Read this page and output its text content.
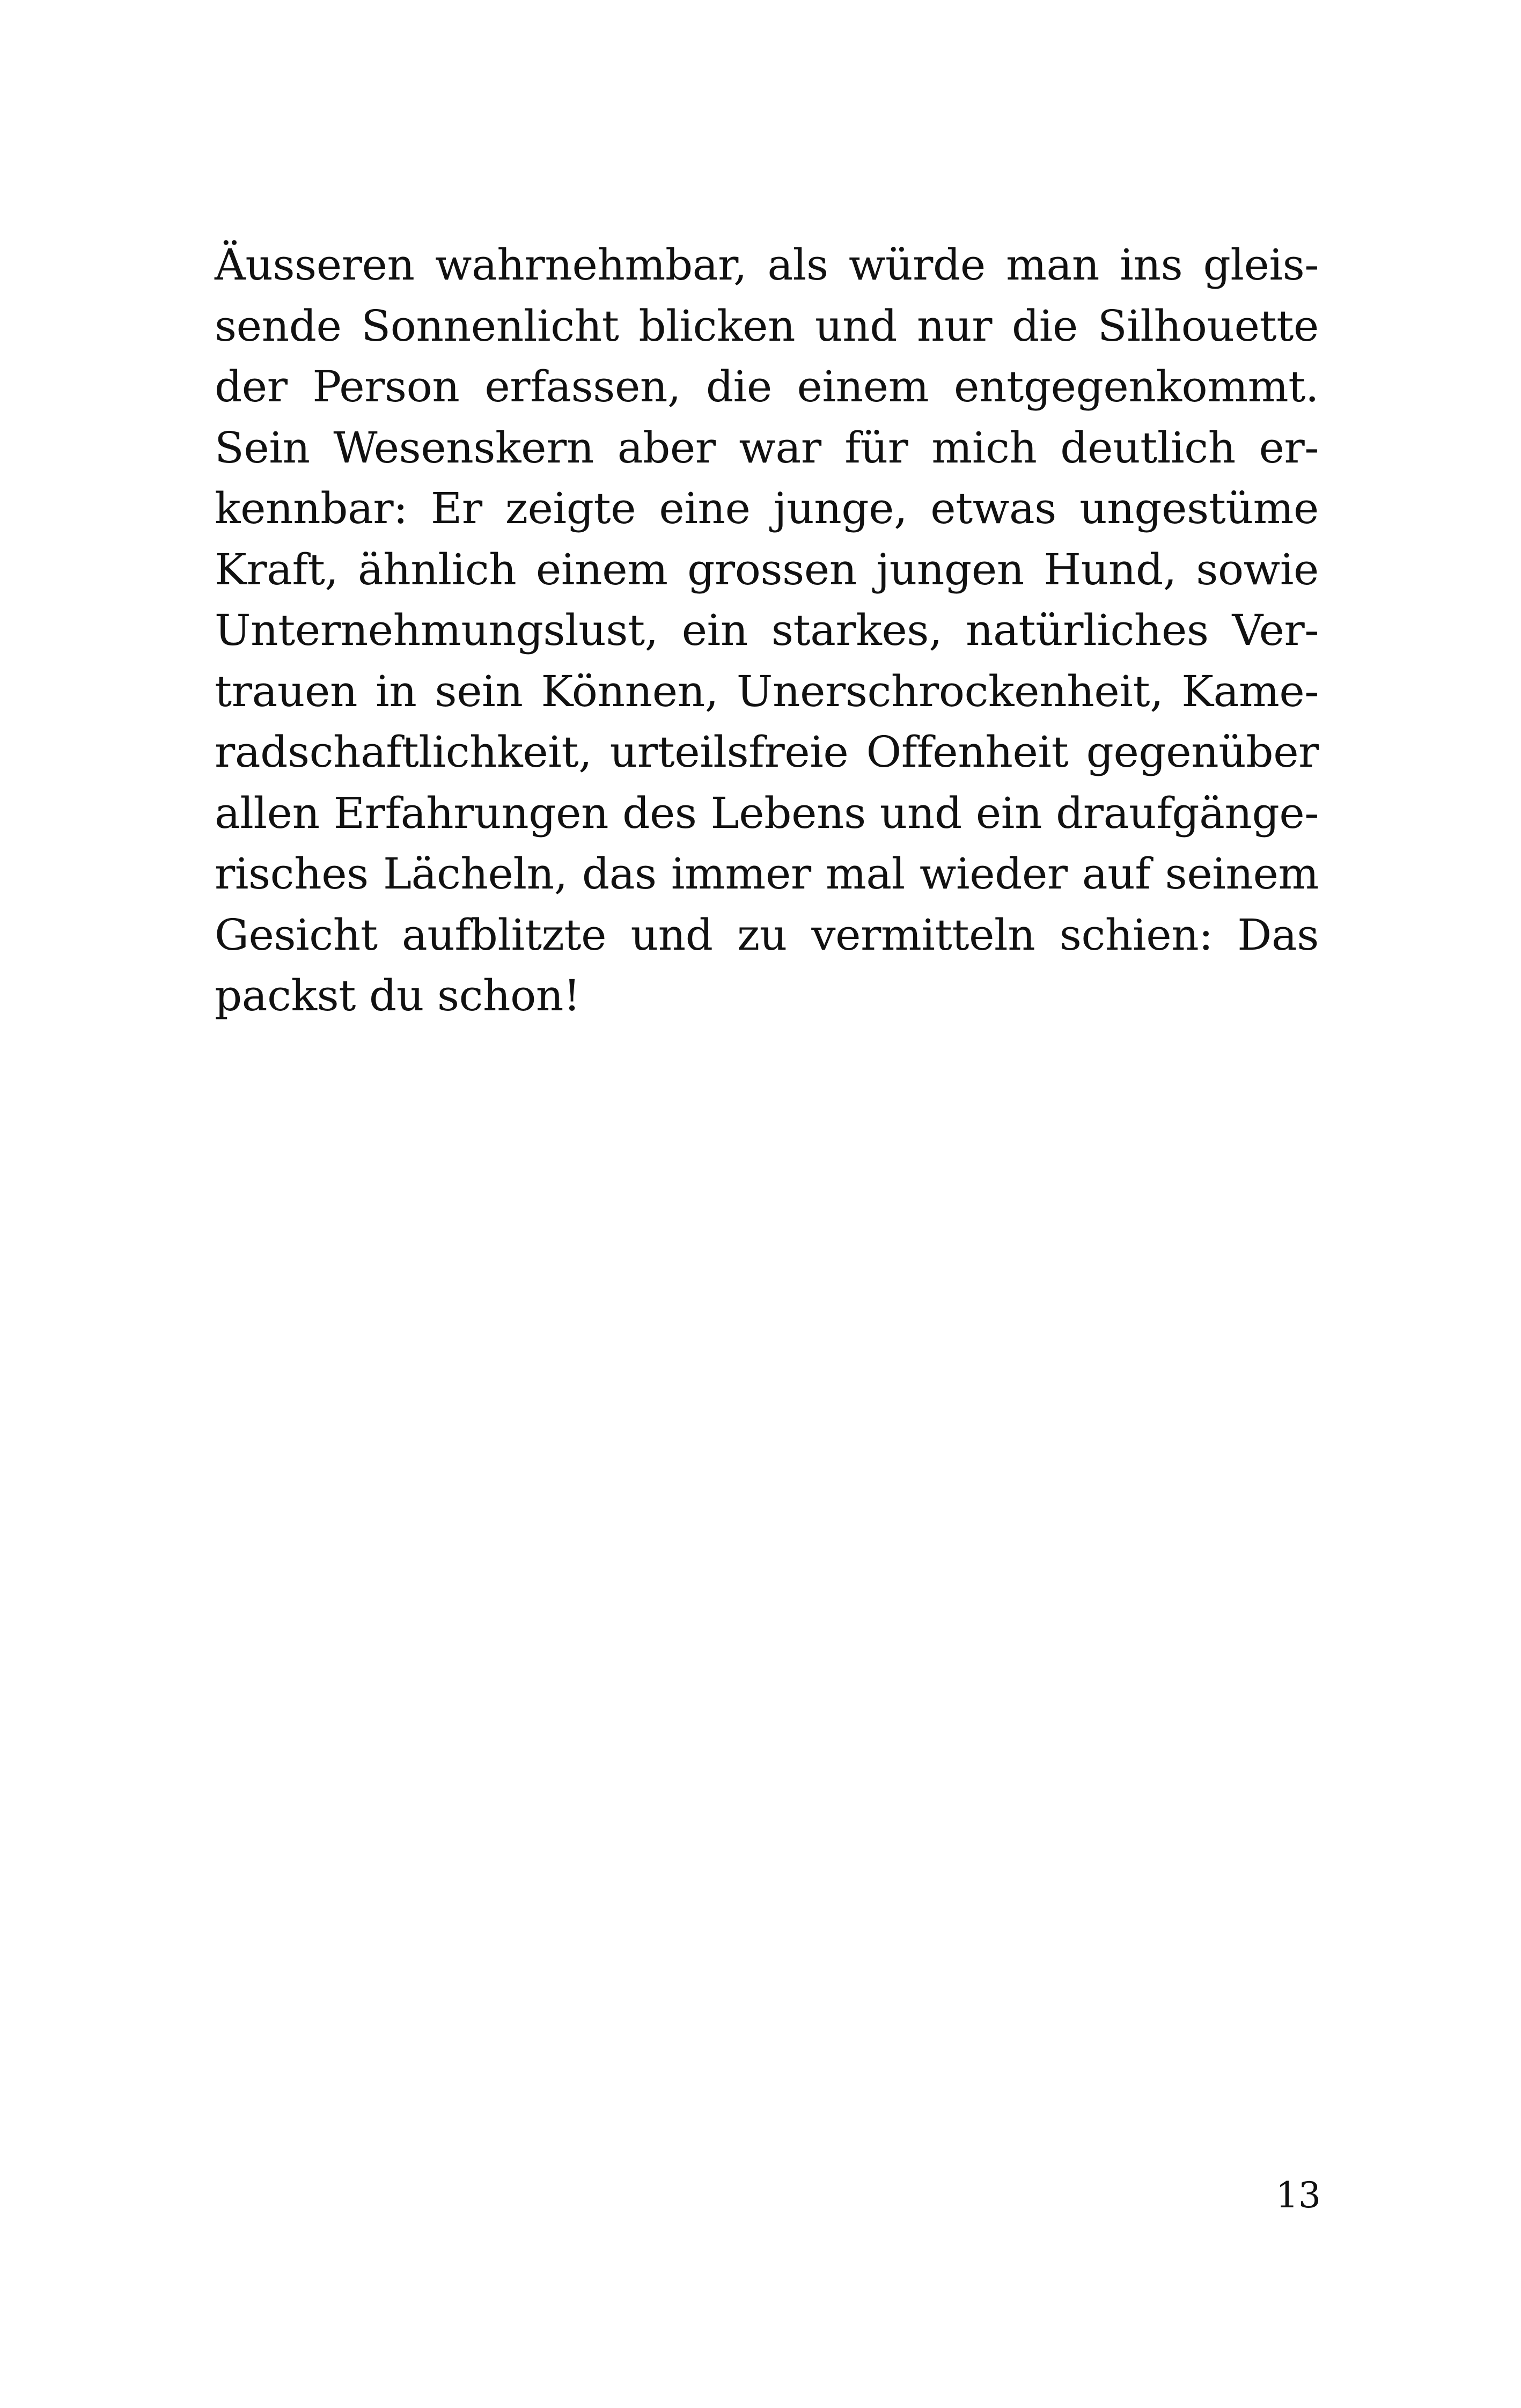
Äusseren wahrnehmbar, als würde man ins gleis-
sende Sonnenlicht blicken und nur die Silhouette
der Person erfassen, die einem entgegenkommt.
Sein Wesenskern aber war für mich deutlich er-
kennbar: Er zeigte eine junge, etwas ungestüme
Kraft, ähnlich einem grossen jungen Hund, sowie
Unternehmungslust, ein starkes, natürliches Ver-
trauen in sein Können, Unerschrockenheit, Kame-
radschaftlichkeit, urteilsfreie Offenheit gegenüber
allen Erfahrungen des Lebens und ein draufgänge-
risches Lächeln, das immer mal wieder auf seinem
Gesicht aufblitzte und zu vermitteln schien: Das
packst du schon!
13
